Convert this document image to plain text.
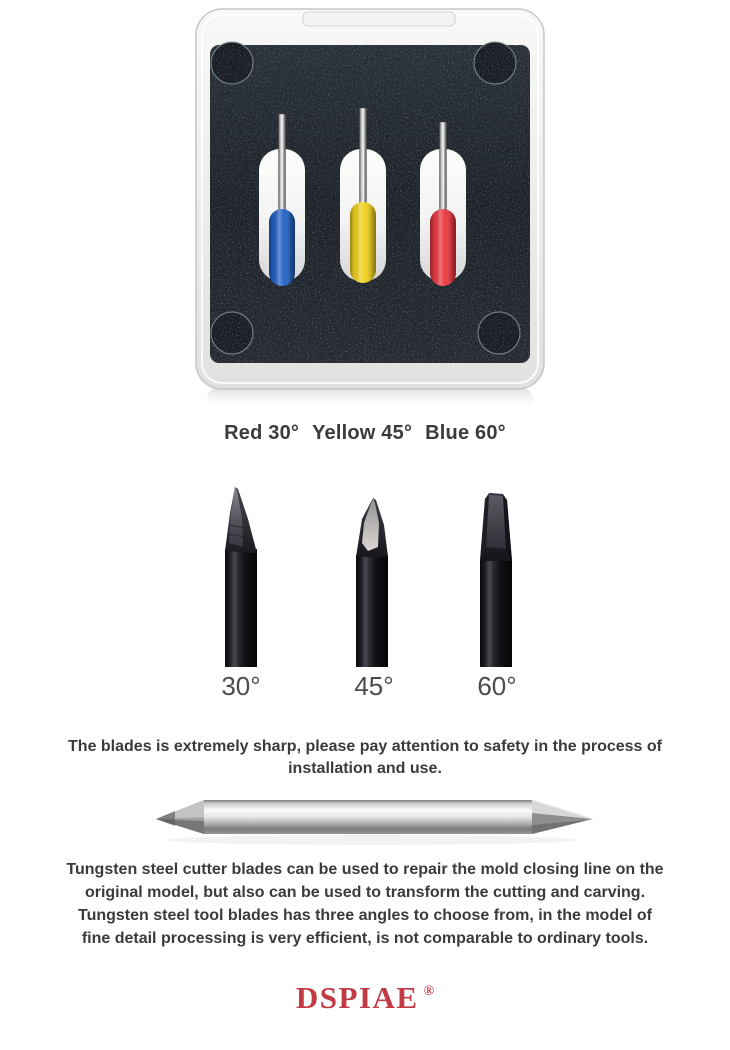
Red 30° Yellow 45° Blue 60°
30°	45°	60°
The blades is extremely sharp, please pay attention to safety in the process of
installation and use.
Tungsten steel cutter blades can be used to repair the mold closing line on the
original model, but also can be used to transform the cutting and carving.
Tungsten steel tool blades has three angles to choose from, in the model of
fine detail processing is very efficient, is not comparable to ordinary tools.
DSPIAE ®
